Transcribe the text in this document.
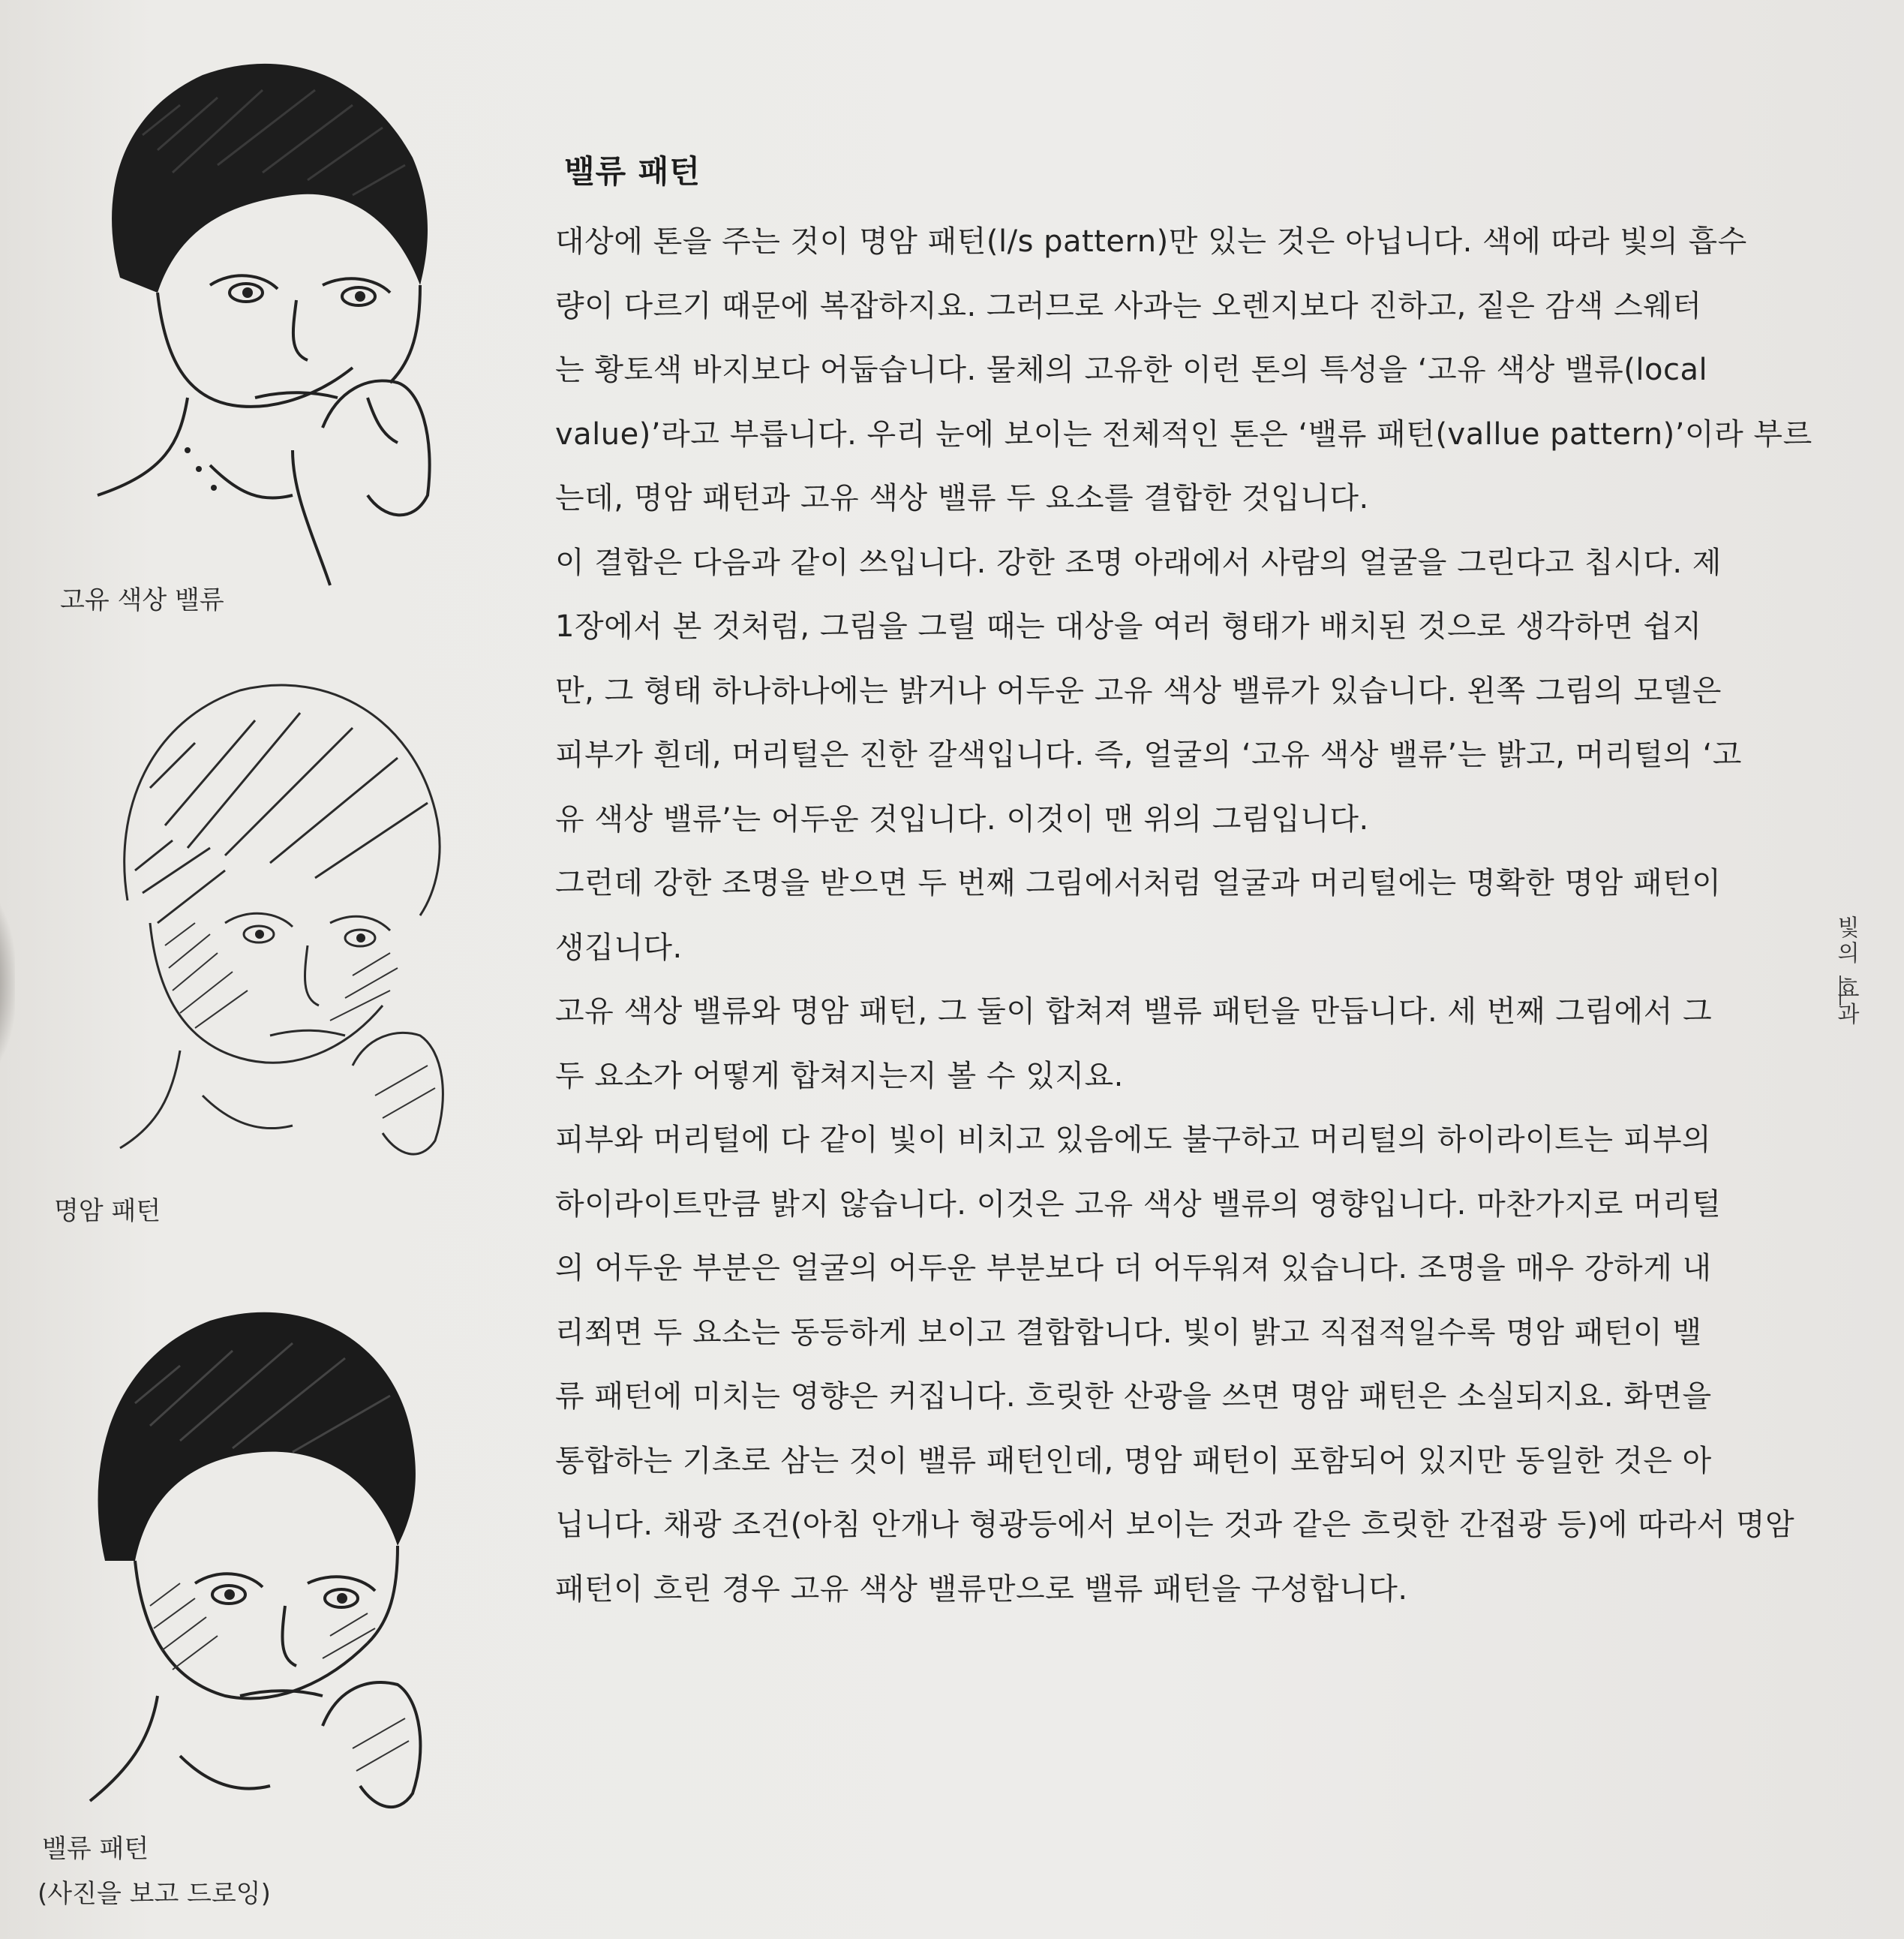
고유 색상 밸류
명암 패턴
밸류 패턴
(사진을 보고 드로잉)
밸류 패턴
대상에 톤을 주는 것이 명암 패턴(l/s pattern)만 있는 것은 아닙니다. 색에 따라 빛의 흡수
량이 다르기 때문에 복잡하지요. 그러므로 사과는 오렌지보다 진하고, 짙은 감색 스웨터
는 황토색 바지보다 어둡습니다. 물체의 고유한 이런 톤의 특성을 ‘고유 색상 밸류(local
value)’라고 부릅니다. 우리 눈에 보이는 전체적인 톤은 ‘밸류 패턴(vallue pattern)’이라 부르
는데, 명암 패턴과 고유 색상 밸류 두 요소를 결합한 것입니다.
이 결합은 다음과 같이 쓰입니다. 강한 조명 아래에서 사람의 얼굴을 그린다고 칩시다. 제
1장에서 본 것처럼, 그림을 그릴 때는 대상을 여러 형태가 배치된 것으로 생각하면 쉽지
만, 그 형태 하나하나에는 밝거나 어두운 고유 색상 밸류가 있습니다. 왼쪽 그림의 모델은
피부가 흰데, 머리털은 진한 갈색입니다. 즉, 얼굴의 ‘고유 색상 밸류’는 밝고, 머리털의 ‘고
유 색상 밸류’는 어두운 것입니다. 이것이 맨 위의 그림입니다.
그런데 강한 조명을 받으면 두 번째 그림에서처럼 얼굴과 머리털에는 명확한 명암 패턴이
생깁니다.
고유 색상 밸류와 명암 패턴, 그 둘이 합쳐져 밸류 패턴을 만듭니다. 세 번째 그림에서 그
두 요소가 어떻게 합쳐지는지 볼 수 있지요.
피부와 머리털에 다 같이 빛이 비치고 있음에도 불구하고 머리털의 하이라이트는 피부의
하이라이트만큼 밝지 않습니다. 이것은 고유 색상 밸류의 영향입니다. 마찬가지로 머리털
의 어두운 부분은 얼굴의 어두운 부분보다 더 어두워져 있습니다. 조명을 매우 강하게 내
리쬐면 두 요소는 동등하게 보이고 결합합니다. 빛이 밝고 직접적일수록 명암 패턴이 밸
류 패턴에 미치는 영향은 커집니다. 흐릿한 산광을 쓰면 명암 패턴은 소실되지요. 화면을
통합하는 기초로 삼는 것이 밸류 패턴인데, 명암 패턴이 포함되어 있지만 동일한 것은 아
닙니다. 채광 조건(아침 안개나 형광등에서 보이는 것과 같은 흐릿한 간접광 등)에 따라서 명암
패턴이 흐린 경우 고유 색상 밸류만으로 밸류 패턴을 구성합니다.
빛의 효과
